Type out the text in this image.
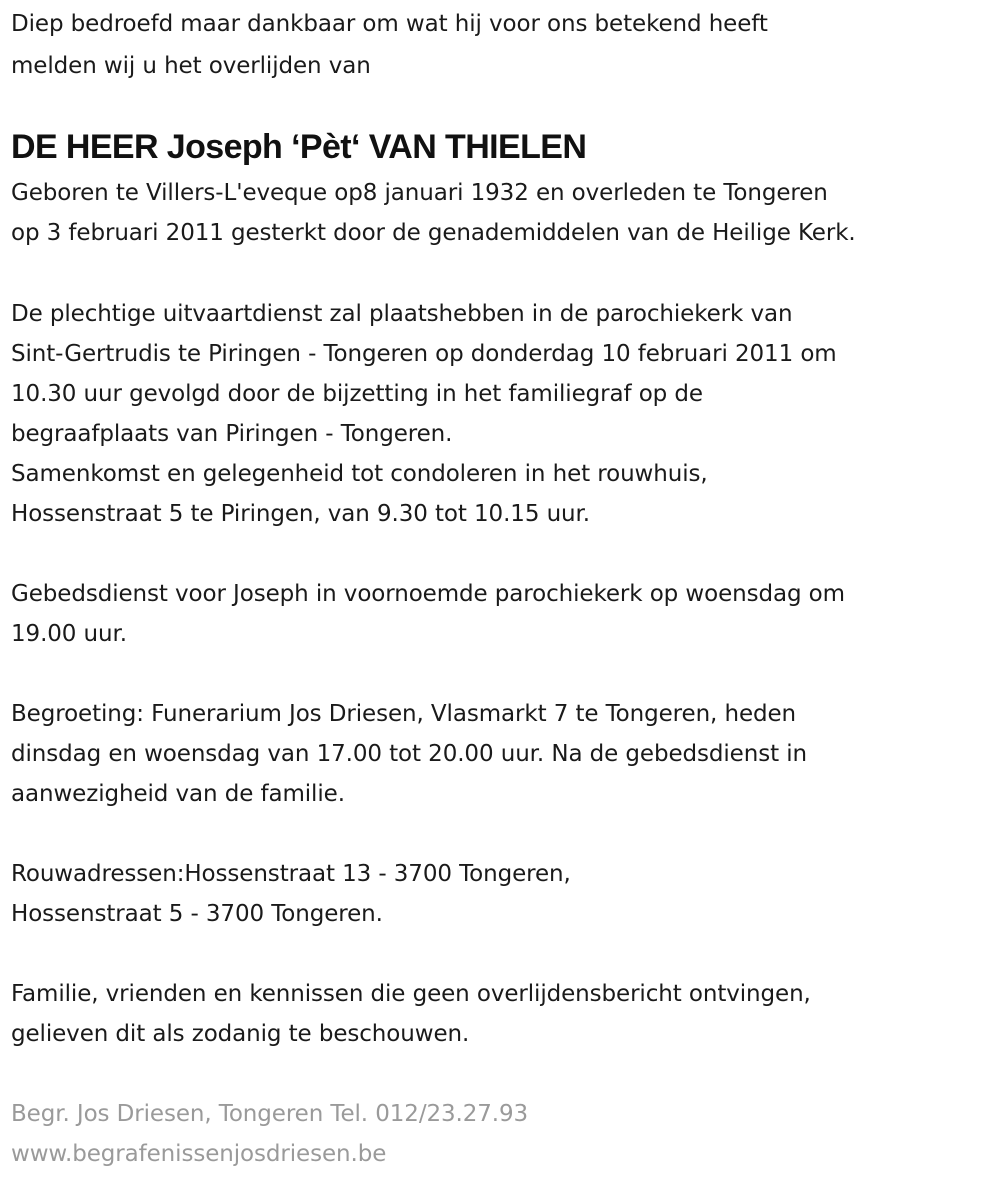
Diep bedroefd maar dankbaar om wat hij voor ons betekend heeft
melden wij u het overlijden van
DE HEER Joseph ‘Pèt‘ VAN THIELEN
Geboren te Villers-L'eveque op8 januari 1932 en overleden te Tongeren
op 3 februari 2011 gesterkt door de genademiddelen van de Heilige Kerk.
De plechtige uitvaartdienst zal plaatshebben in de parochiekerk van
Sint-Gertrudis te Piringen - Tongeren op donderdag 10 februari 2011 om
10.30 uur gevolgd door de bijzetting in het familiegraf op de
begraafplaats van Piringen - Tongeren.
Samenkomst en gelegenheid tot condoleren in het rouwhuis,
Hossenstraat 5 te Piringen, van 9.30 tot 10.15 uur.
Gebedsdienst voor Joseph in voornoemde parochiekerk op woensdag om
19.00 uur.
Begroeting: Funerarium Jos Driesen, Vlasmarkt 7 te Tongeren, heden
dinsdag en woensdag van 17.00 tot 20.00 uur. Na de gebedsdienst in
aanwezigheid van de familie.
Rouwadressen:Hossenstraat 13 - 3700 Tongeren,
Hossenstraat 5 - 3700 Tongeren.
Familie, vrienden en kennissen die geen overlijdensbericht ontvingen,
gelieven dit als zodanig te beschouwen.
Begr. Jos Driesen, Tongeren Tel. 012/23.27.93
www.begrafenissenjosdriesen.be
